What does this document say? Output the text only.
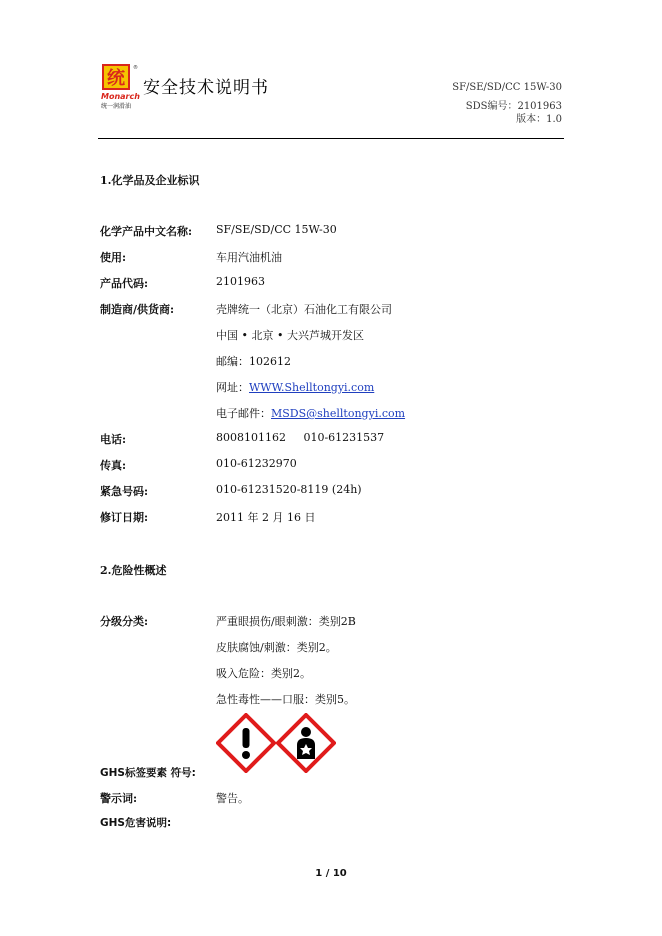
统 ®
Monarch
统一润滑油
安全技术说明书	SF/SE/SD/CC 15W-30
SDS编号：2101963
版本：1.0
1.化学品及企业标识
化学产品中文名称: SF/SE/SD/CC 15W-30
使用:	车用汽油机油
产品代码:	2101963
制造商/供货商:	壳牌统一（北京）石油化工有限公司
中国 • 北京 • 大兴芦城开发区
邮编：102612
网址：WWW.Shelltongyi.com
电子邮件：MSDS@shelltongyi.com
电话:	8008101162     010-61231537
传真:	010-61232970
紧急号码:	010-61231520-8119 (24h)
修订日期:	2011 年 2 月 16 日
2.危险性概述
分级分类:	严重眼损伤/眼刺激：类别2B
皮肤腐蚀/刺激：类别2。
吸入危险：类别2。
急性毒性——口服：类别5。
GHS标签要素 符号:
警示词:	警告。
GHS危害说明:
1 / 10
